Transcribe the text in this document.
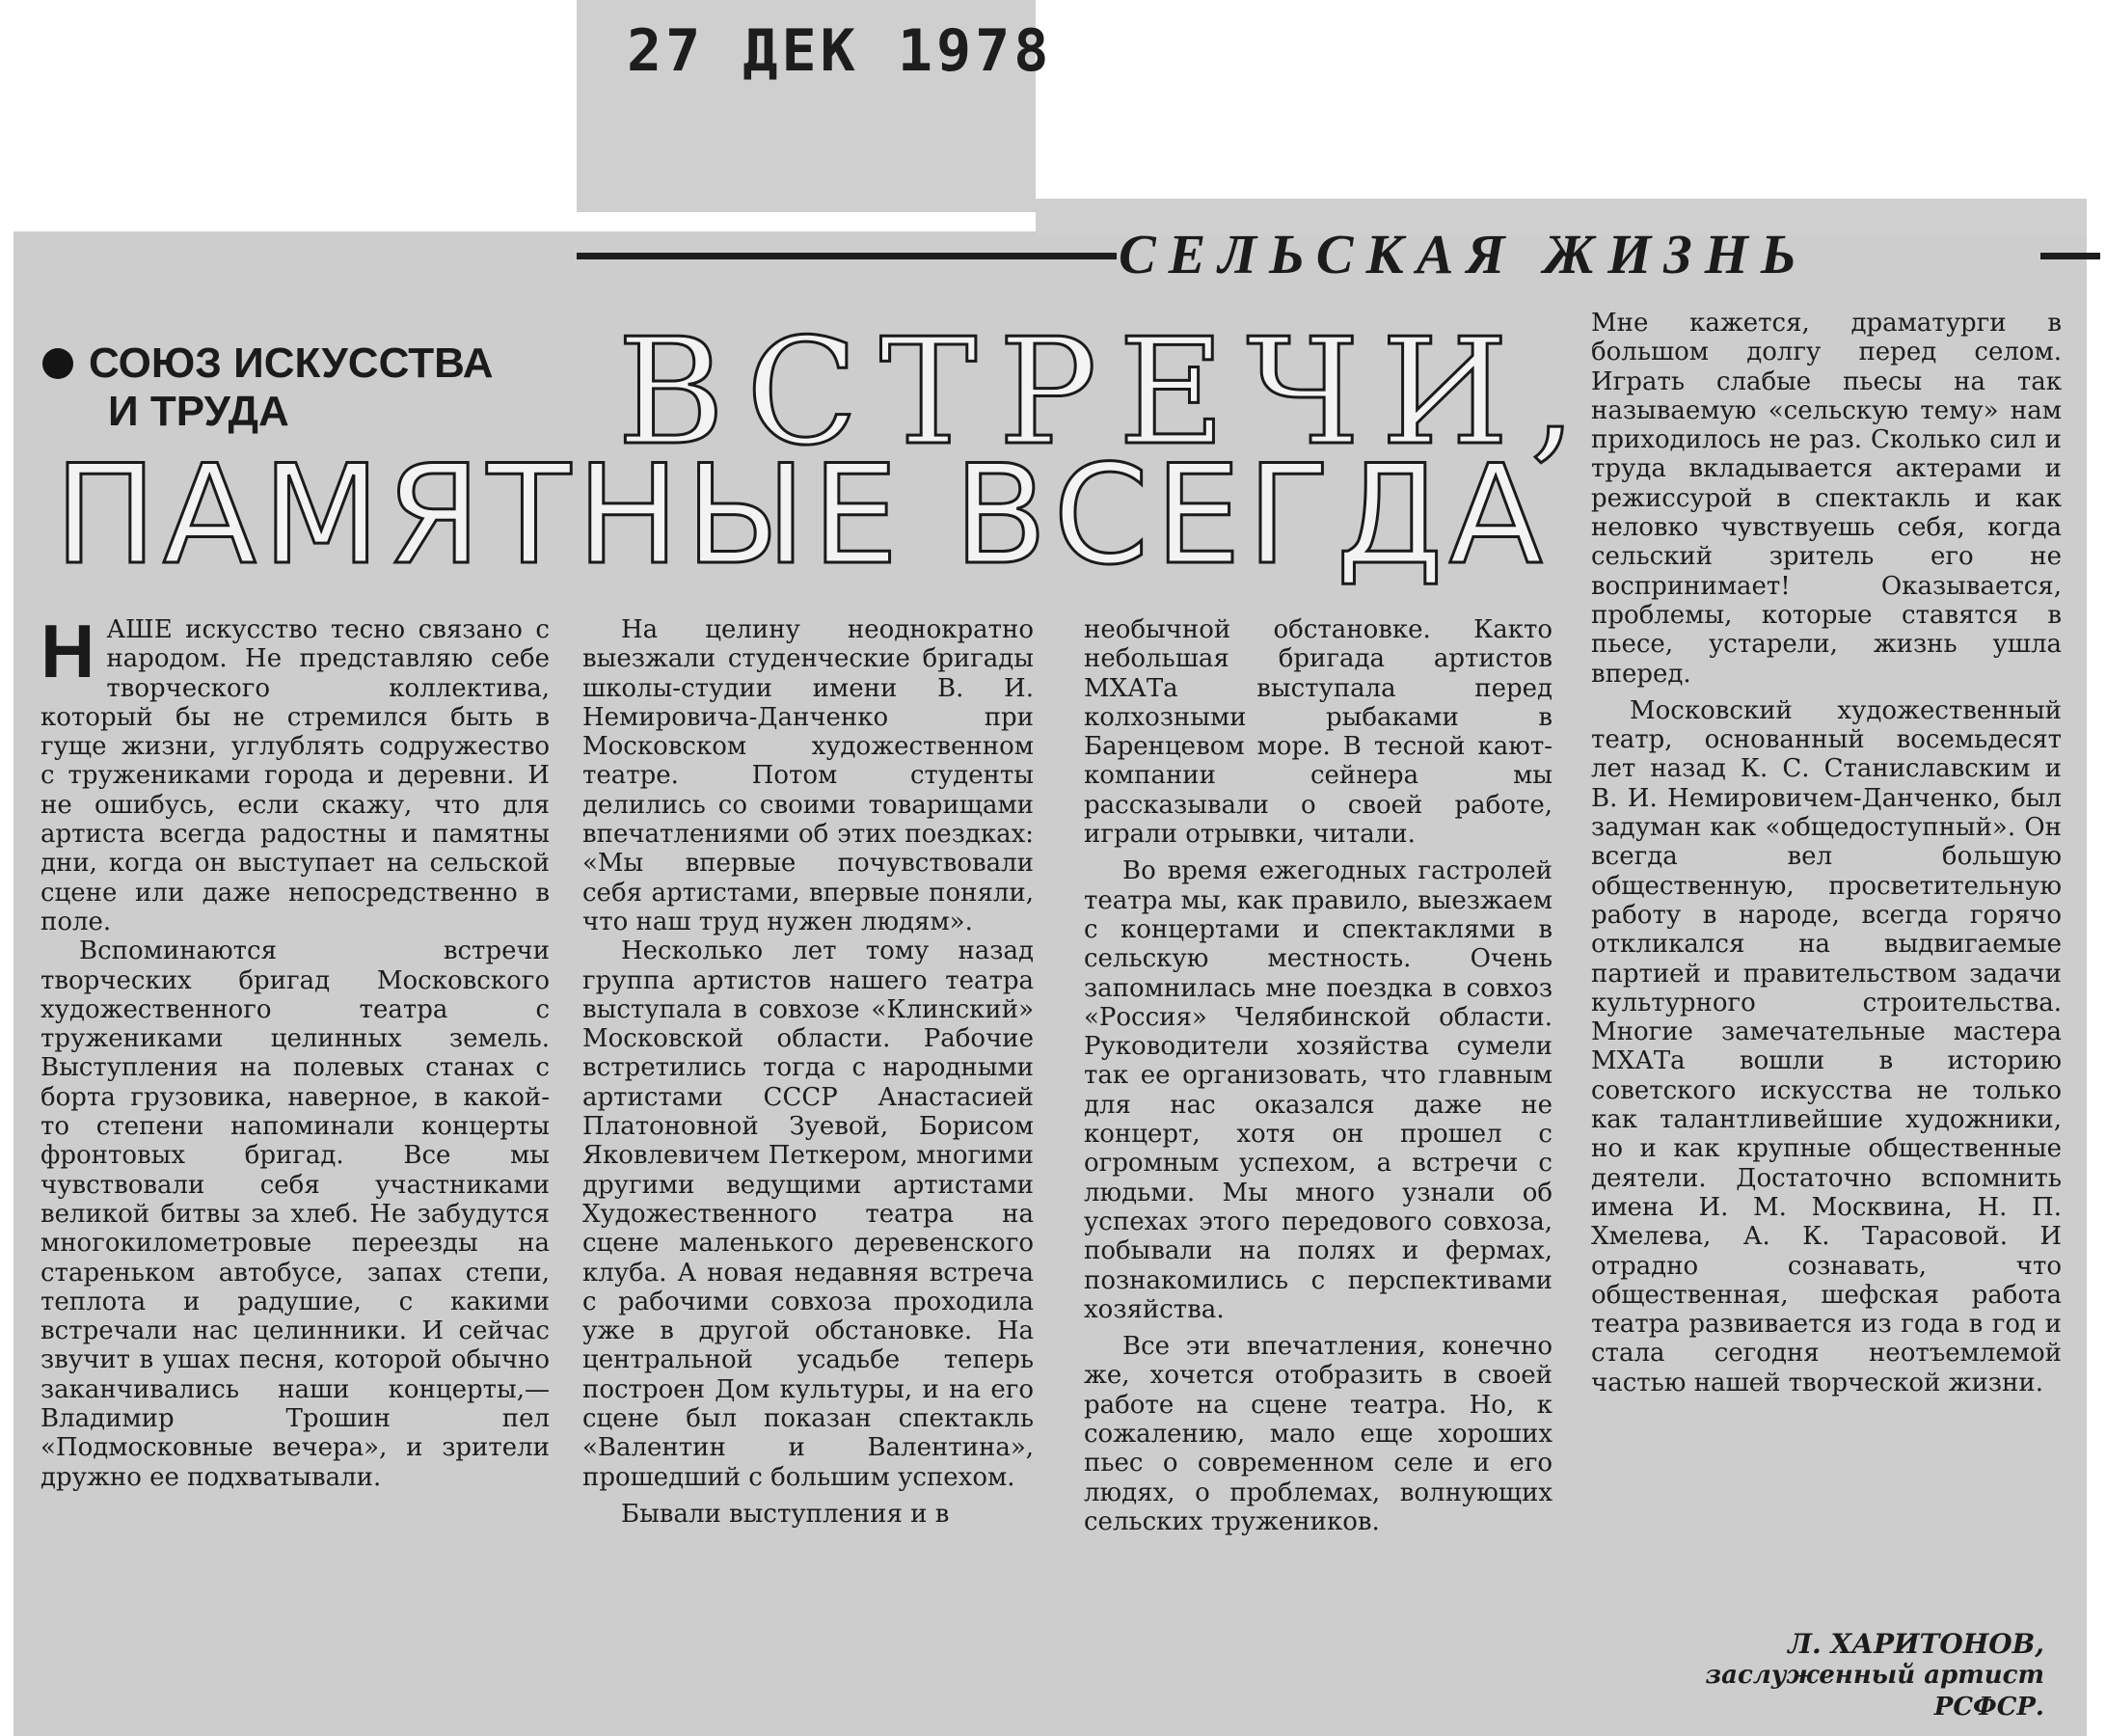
27 ДЕК 1978
СЕЛЬСКАЯ ЖИЗНЬ
СОЮЗ ИСКУССТВА
И ТРУДА	ВСТРЕЧИ,
ПАМЯТНЫЕ ВСЕГДА
Н АШЕ искусство тесно связано с народом. Не представляю себе творческого коллектива, который бы не стремился быть в гуще жизни, углублять содружество с тружениками города и деревни. И не ошибусь, если скажу, что для артиста всегда радостны и памятны дни, когда он выступает на сельской сцене или даже непосредственно в поле.

Вспоминаются встречи творческих бригад Московского художественного театра с тружениками целинных земель. Выступления на полевых станах с борта грузовика, наверное, в какой-то степени напоминали концерты фронтовых бригад. Все мы чувствовали себя участниками великой битвы за хлеб. Не забудутся многокилометровые переезды на стареньком автобусе, запах степи, теплота и радушие, с какими встречали нас целинники. И сейчас звучит в ушах песня, которой обычно заканчивались наши концерты,— Владимир Трошин пел «Подмосковные вечера», и зрители дружно ее подхватывали.

На целину неоднократно выезжали студенческие бригады школы-студии имени В. И. Немировича-Данченко при Московском художественном театре. Потом студенты делились со своими товарищами впечатлениями об этих поездках: «Мы впервые почувствовали себя артистами, впервые поняли, что наш труд нужен людям».

Несколько лет тому назад группа артистов нашего театра выступала в совхозе «Клинский» Московской области. Рабочие встретились тогда с народными артистами СССР Анастасией Платоновной Зуевой, Борисом Яковлевичем Петкером, многими другими ведущими артистами Художественного театра на сцене маленького деревенского клуба. А новая недавняя встреча с рабочими совхоза проходила уже в другой обстановке. На центральной усадьбе теперь построен Дом культуры, и на его сцене был показан спектакль «Валентин и Валентина», прошедший с большим успехом.

Бывали выступления и в

необычной обстановке. Както небольшая бригада артистов МХАТа выступала перед колхозными рыбаками в Баренцевом море. В тесной кают-компании сейнера мы рассказывали о своей работе, играли отрывки, читали.

Во время ежегодных гастролей театра мы, как правило, выезжаем с концертами и спектаклями в сельскую местность. Очень запомнилась мне поездка в совхоз «Россия» Челябинской области. Руководители хозяйства сумели так ее организовать, что главным для нас оказался даже не концерт, хотя он прошел с огромным успехом, а встречи с людьми. Мы много узнали об успехах этого передового совхоза, побывали на полях и фермах, познакомились с перспективами хозяйства.

Все эти впечатления, конечно же, хочется отобразить в своей работе на сцене театра. Но, к сожалению, мало еще хороших пьес о современном селе и его людях, о проблемах, волнующих сельских тружеников.

Мне кажется, драматурги в большом долгу перед селом. Играть слабые пьесы на так называемую «сельскую тему» нам приходилось не раз. Сколько сил и труда вкладывается актерами и режиссурой в спектакль и как неловко чувствуешь себя, когда сельский зритель его не воспринимает! Оказывается, проблемы, которые ставятся в пьесе, устарели, жизнь ушла вперед.

Московский художественный театр, основанный восемьдесят лет назад К. С. Станиславским и В. И. Немировичем-Данченко, был задуман как «общедоступный». Он всегда вел большую общественную, просветительную работу в народе, всегда горячо откликался на выдвигаемые партией и правительством задачи культурного строительства. Многие замечательные мастера МХАТа вошли в историю советского искусства не только как талантливейшие художники, но и как крупные общественные деятели. Достаточно вспомнить имена И. М. Москвина, Н. П. Хмелева, А. К. Тарасовой. И отрадно сознавать, что общественная, шефская работа театра развивается из года в год и стала сегодня неотъемлемой частью нашей творческой жизни.

Л. ХАРИТОНОВ,
заслуженный артист
РСФСР.
